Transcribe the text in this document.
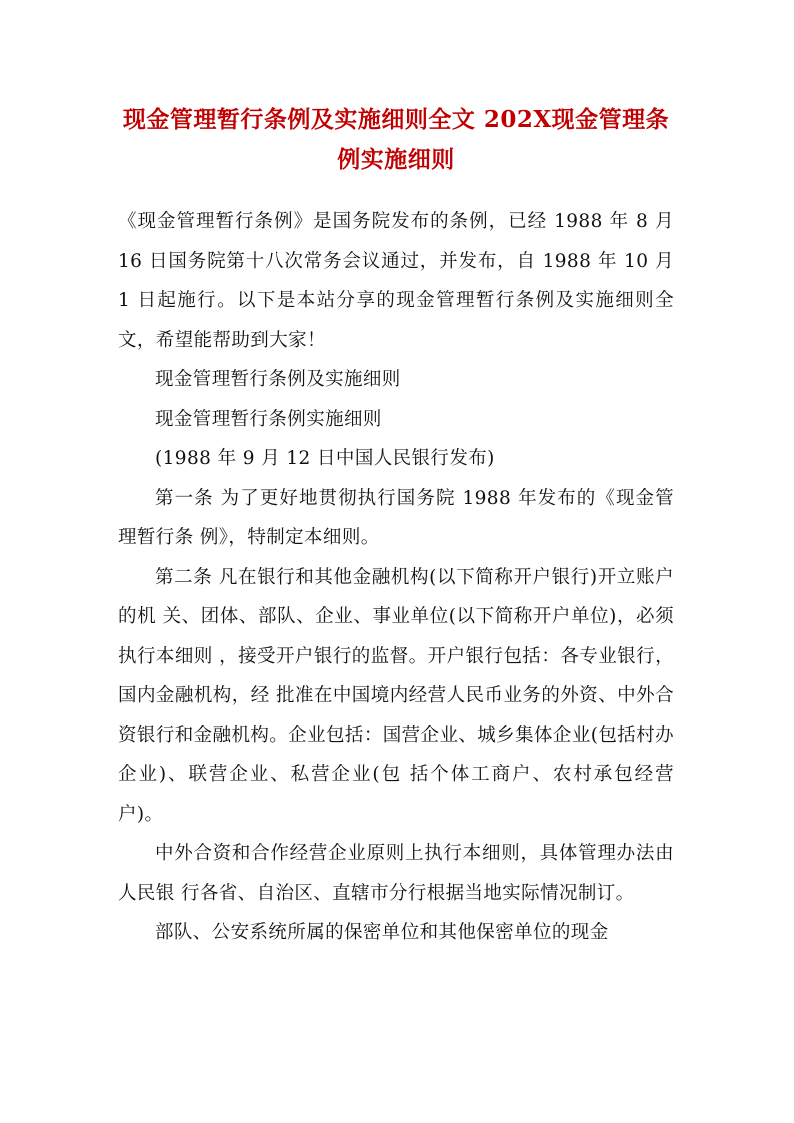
现金管理暂行条例及实施细则全文 202X现金管理条例实施细则

《现金管理暂行条例》是国务院发布的条例，已经 1988 年 8 月 16 日国务院第十八次常务会议通过，并发布，自 1988 年 10 月 1 日起施行。以下是本站分享的现金管理暂行条例及实施细则全文，希望能帮助到大家！

现金管理暂行条例及实施细则

现金管理暂行条例实施细则

(1988 年 9 月 12 日中国人民银行发布)

第一条 为了更好地贯彻执行国务院 1988 年发布的《现金管理暂行条 例》，特制定本细则。

第二条 凡在银行和其他金融机构(以下简称开户银行)开立账户的机 关、团体、部队、企业、事业单位(以下简称开户单位)，必须执行本细则 ，接受开户银行的监督。开户银行包括：各专业银行，国内金融机构，经 批准在中国境内经营人民币业务的外资、中外合资银行和金融机构。企业包括：国营企业、城乡集体企业(包括村办企业)、联营企业、私营企业(包 括个体工商户、农村承包经营户)。

中外合资和合作经营企业原则上执行本细则，具体管理办法由人民银 行各省、自治区、直辖市分行根据当地实际情况制订。

部队、公安系统所属的保密单位和其他保密单位的现金
